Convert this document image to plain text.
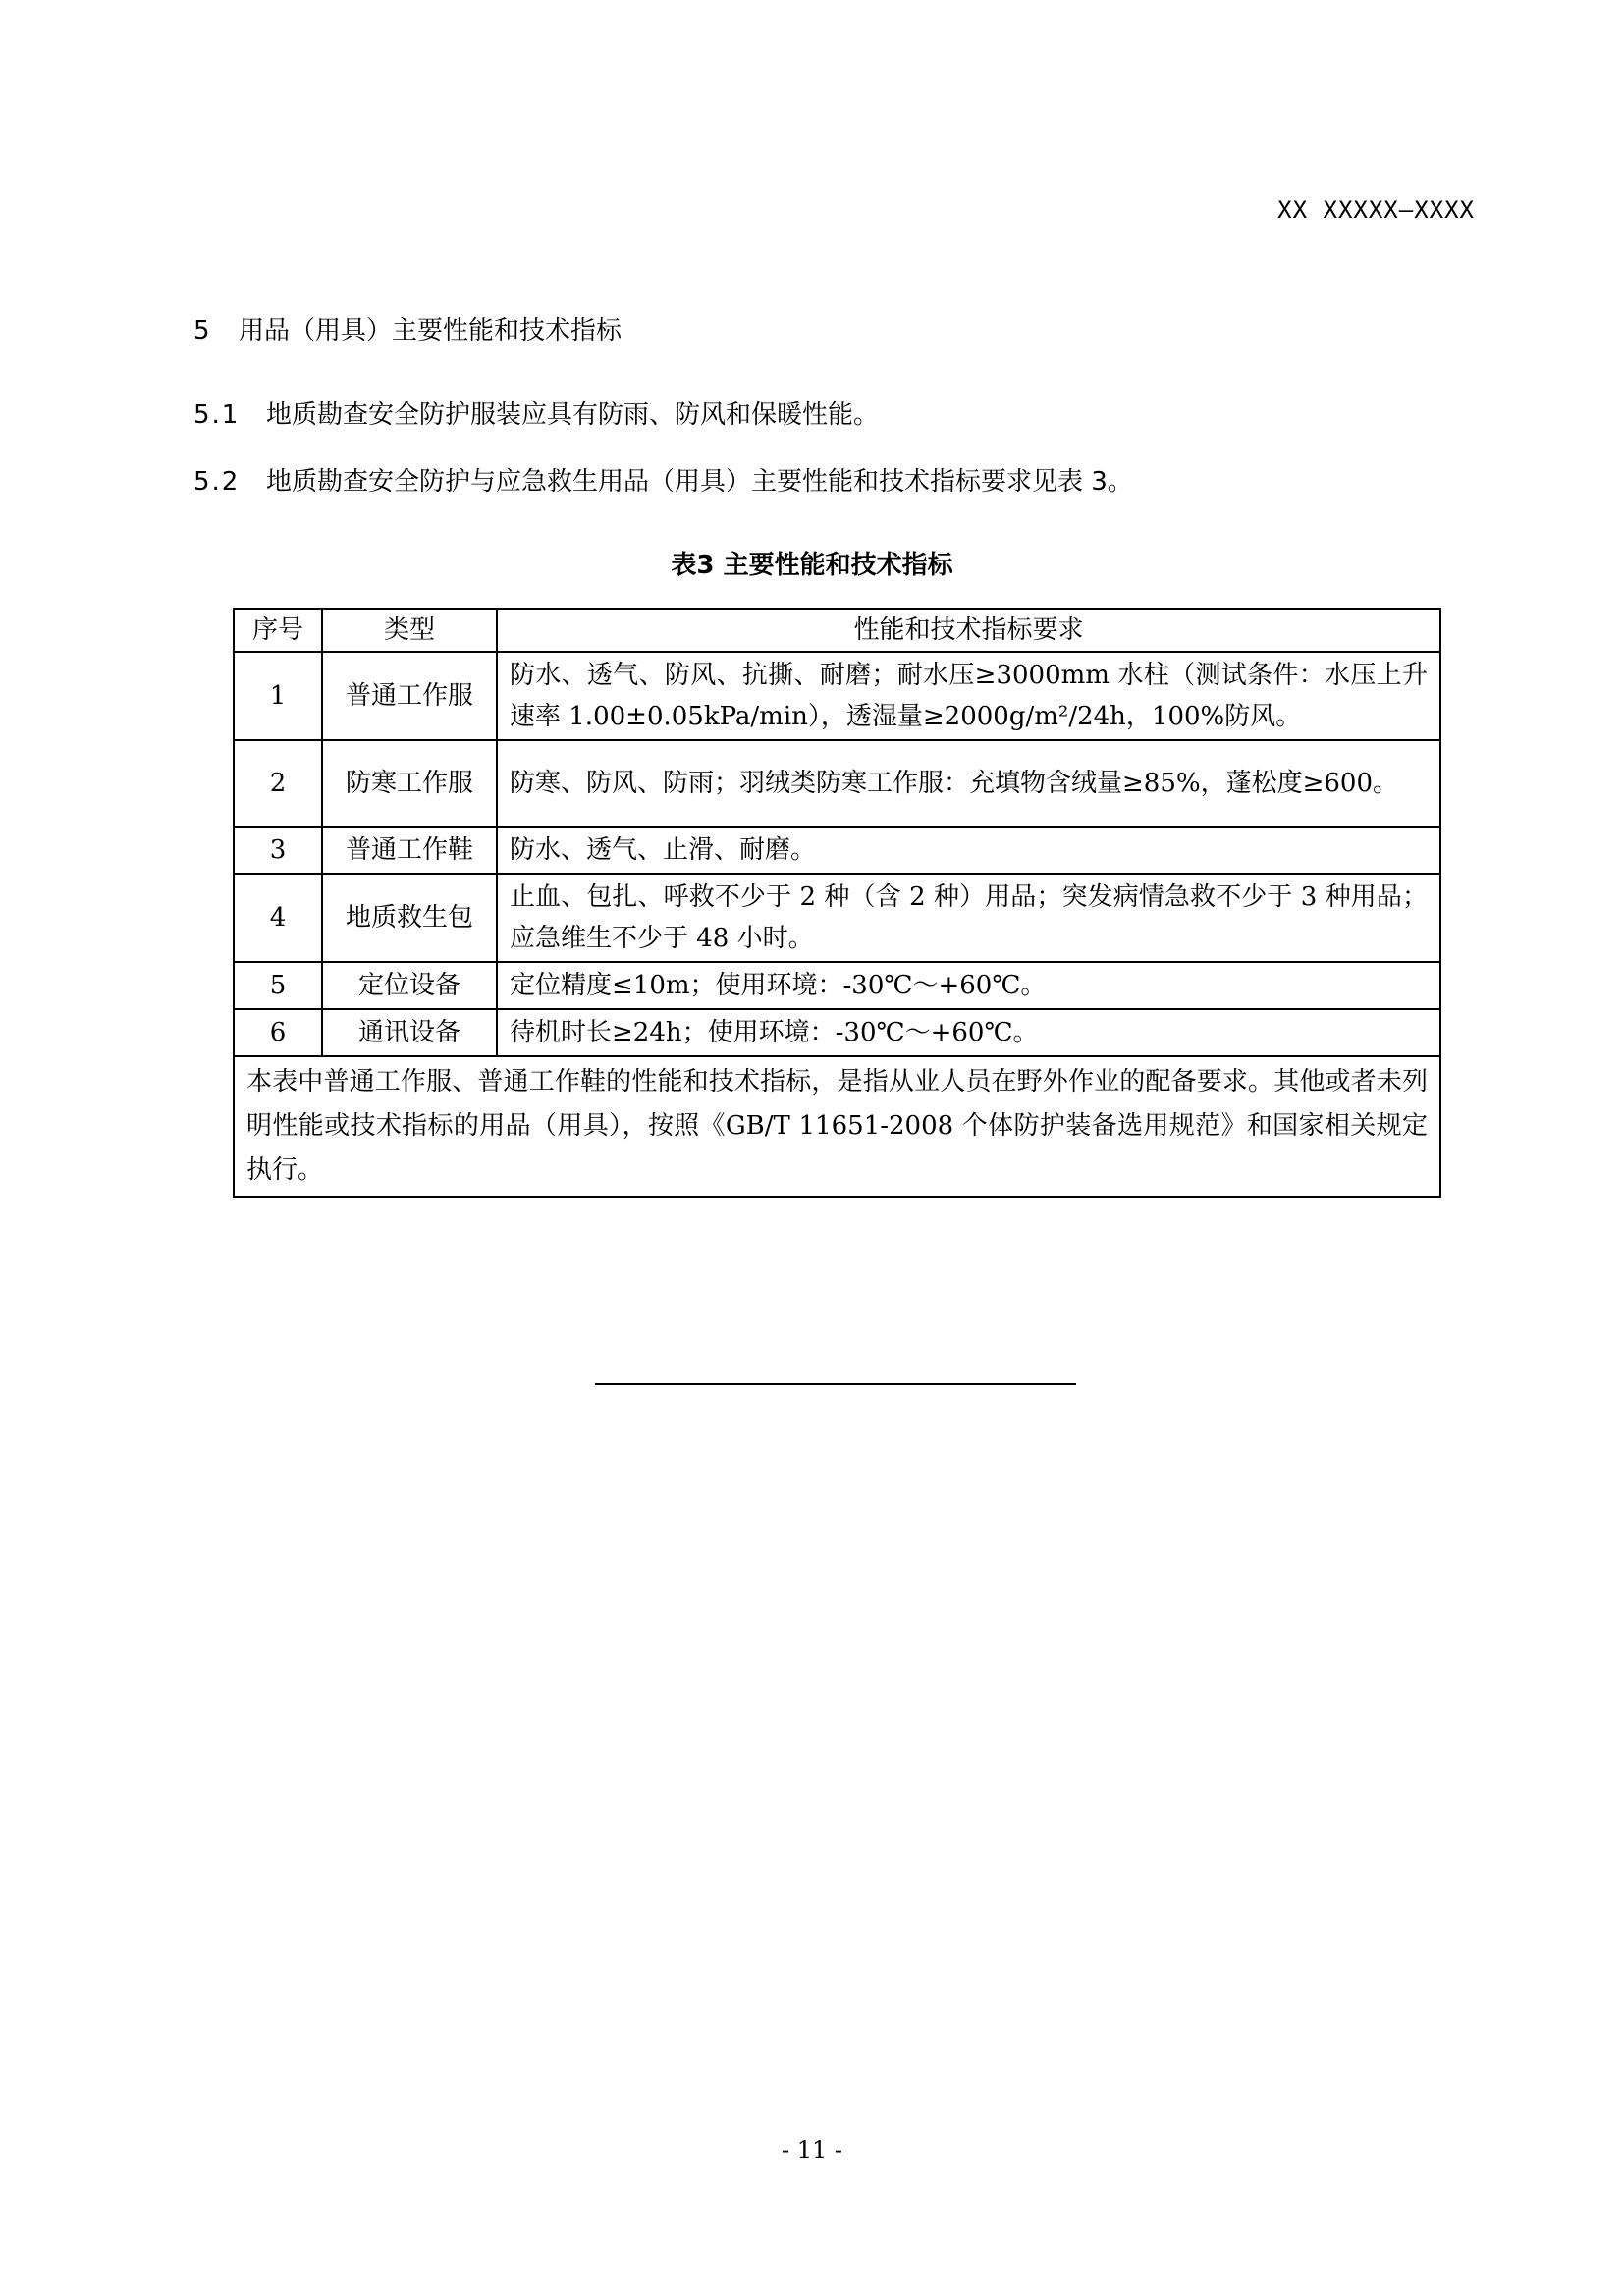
XX XXXXX—XXXX
5 用品（用具）主要性能和技术指标
5.1 地质勘查安全防护服装应具有防雨、防风和保暖性能。
5.2 地质勘查安全防护与应急救生用品（用具）主要性能和技术指标要求见表 3。
表3 主要性能和技术指标
序号	类型	性能和技术指标要求
1	普通工作服	防水、透气、防风、抗撕、耐磨；耐水压≥3000mm 水柱（测试条件：水压上升速率 1.00±0.05kPa/min），透湿量≥2000g/m²/24h，100%防风。
2	防寒工作服	防寒、防风、防雨；羽绒类防寒工作服：充填物含绒量≥85%，蓬松度≥600。
3	普通工作鞋	防水、透气、止滑、耐磨。
4	地质救生包	止血、包扎、呼救不少于 2 种（含 2 种）用品；突发病情急救不少于 3 种用品；应急维生不少于 48 小时。
5	定位设备	定位精度≤10m；使用环境：-30℃～+60℃。
6	通讯设备	待机时长≥24h；使用环境：-30℃～+60℃。
本表中普通工作服、普通工作鞋的性能和技术指标，是指从业人员在野外作业的配备要求。其他或者未列明性能或技术指标的用品（用具），按照《GB/T 11651-2008 个体防护装备选用规范》和国家相关规定执行。		
- 11 -
